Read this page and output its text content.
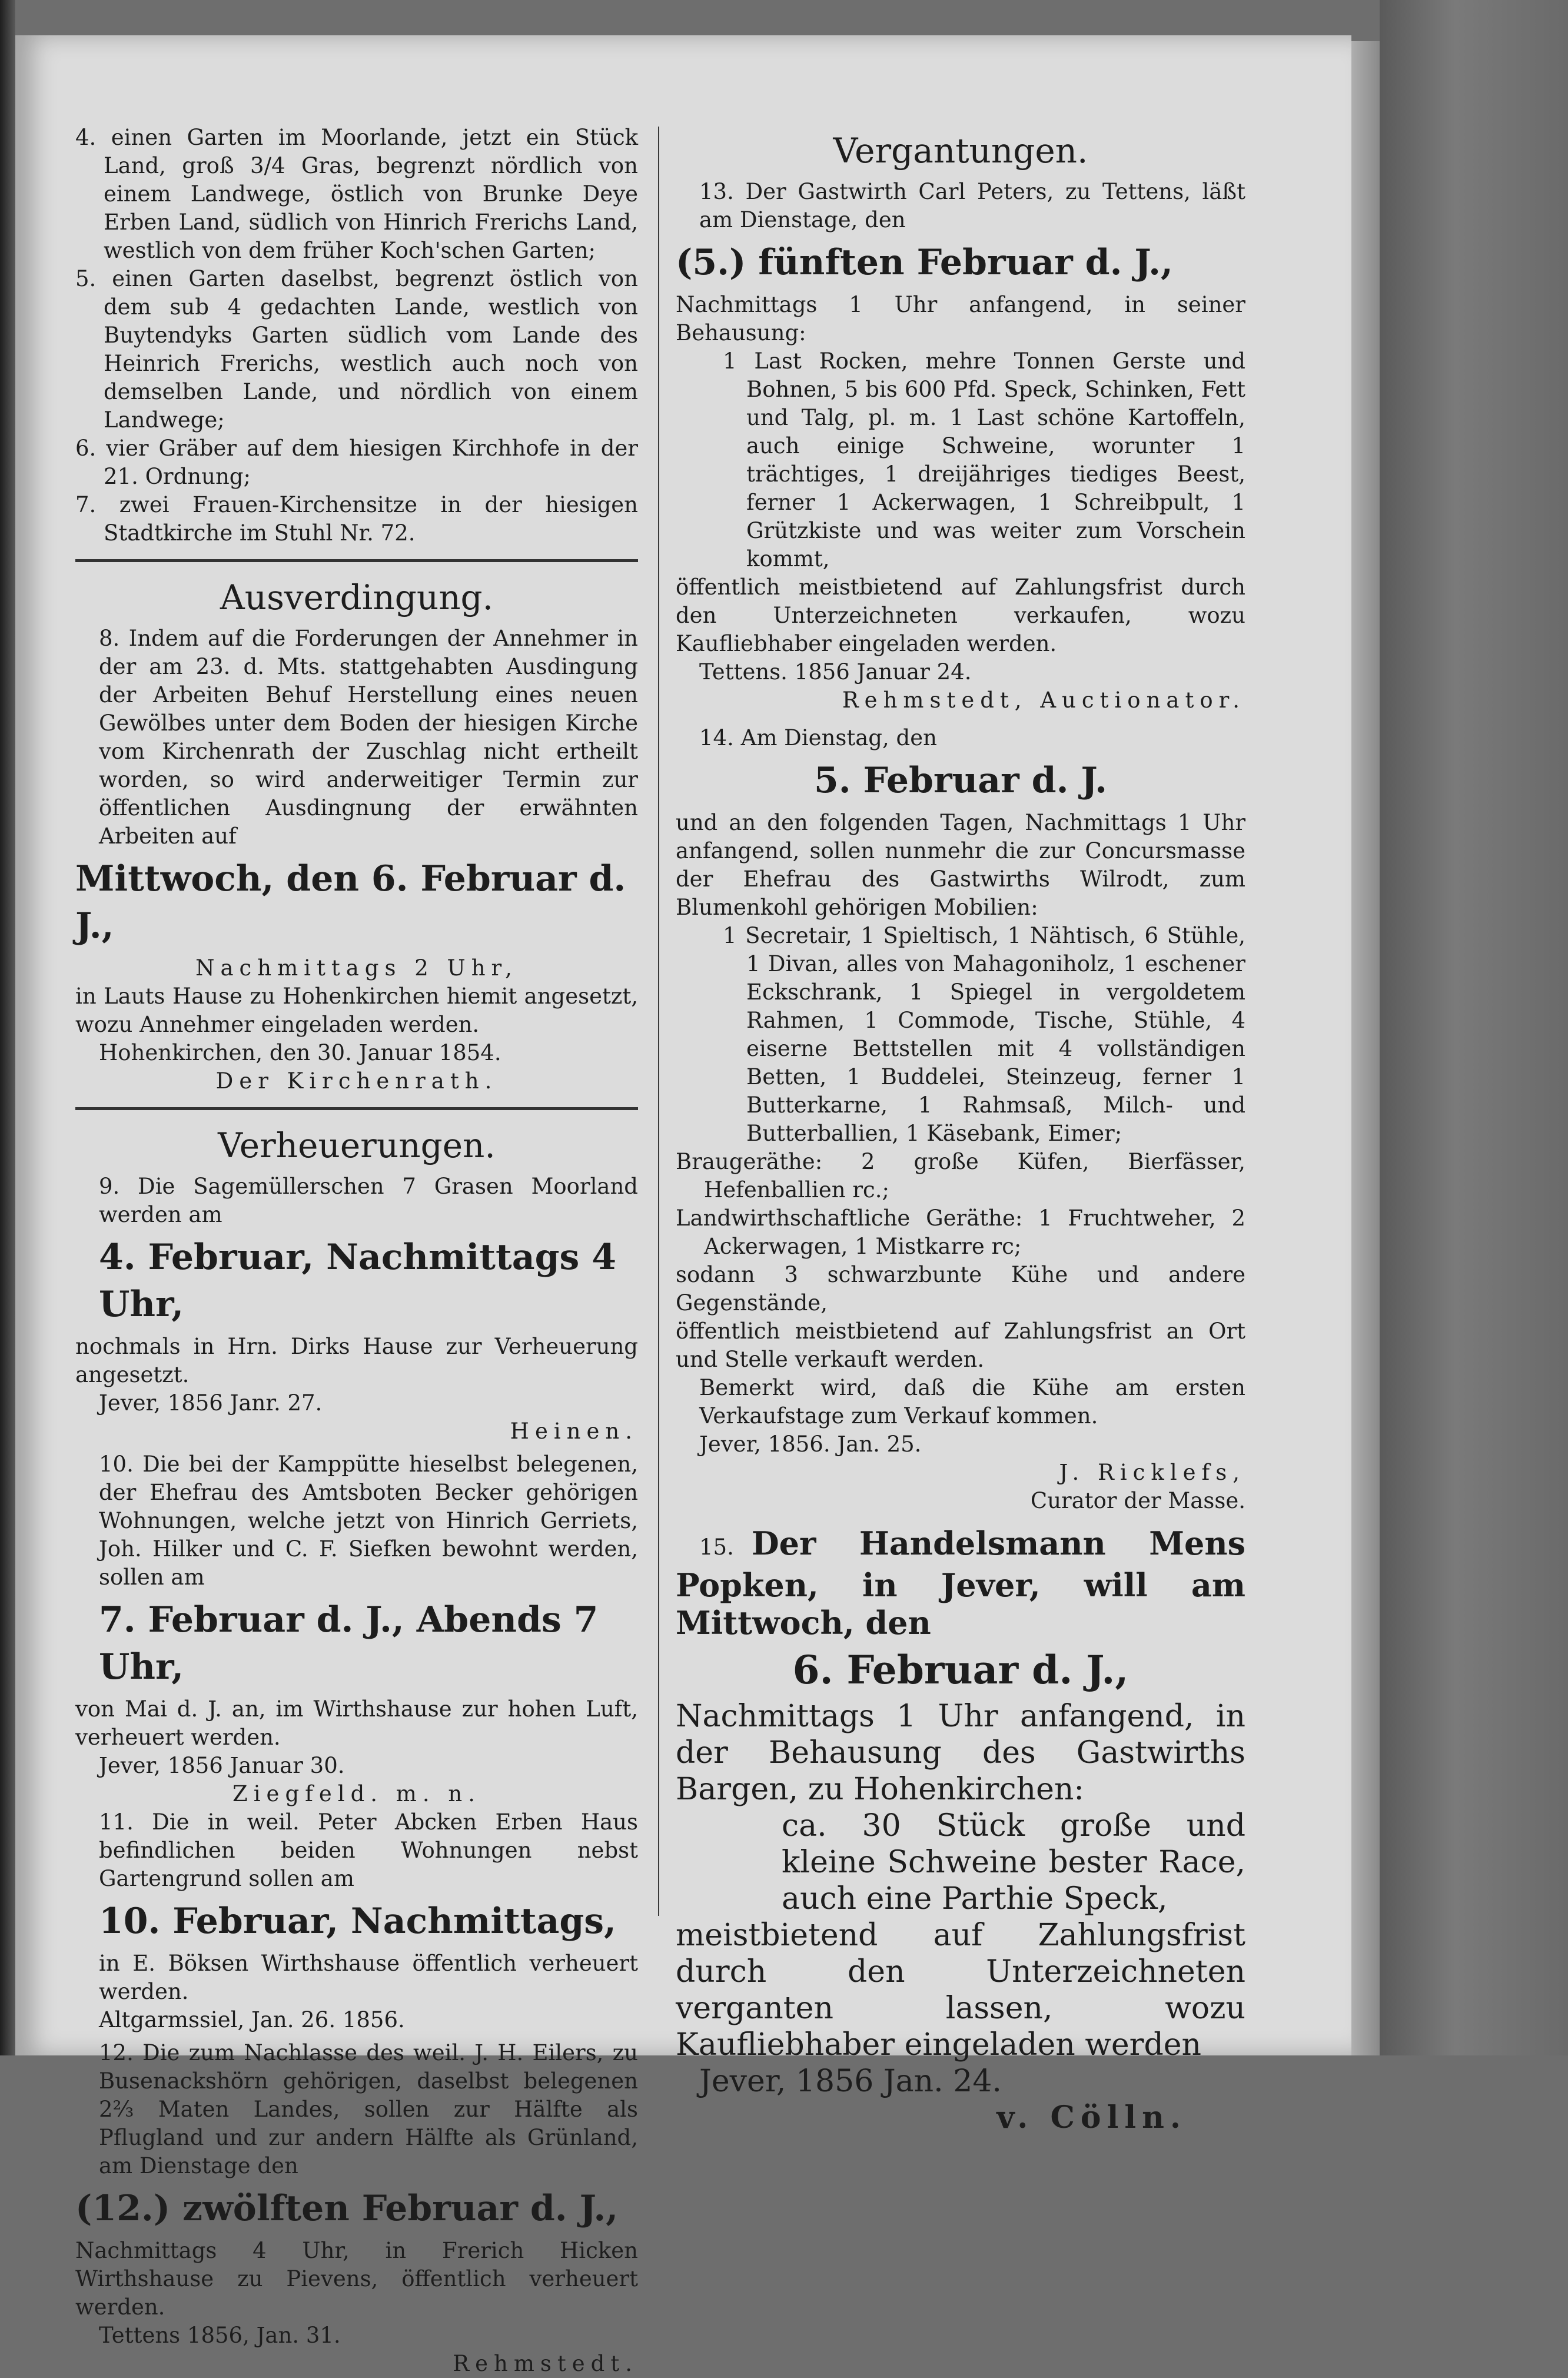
4. einen Garten im Moorlande, jetzt ein Stück Land, groß 3/4 Gras, begrenzt nördlich von einem Landwege, östlich von Brunke Deye Erben Land, südlich von Hinrich Frerichs Land, westlich von dem früher Koch'schen Garten;

5. einen Garten daselbst, begrenzt östlich von dem sub 4 gedachten Lande, westlich von Buytendyks Garten südlich vom Lande des Heinrich Frerichs, westlich auch noch von demselben Lande, und nördlich von einem Landwege;

6. vier Gräber auf dem hiesigen Kirchhofe in der 21. Ordnung;

7. zwei Frauen-Kirchensitze in der hiesigen Stadtkirche im Stuhl Nr. 72.

Ausverdingung.

8. Indem auf die Forderungen der Annehmer in der am 23. d. Mts. stattgehabten Ausdingung der Arbeiten Behuf Herstellung eines neuen Gewölbes unter dem Boden der hiesigen Kirche vom Kirchenrath der Zuschlag nicht ertheilt worden, so wird anderweitiger Termin zur öffentlichen Ausdingnung der erwähnten Arbeiten auf

Mittwoch, den 6. Februar d. J.,

Nachmittags 2 Uhr,

in Lauts Hause zu Hohenkirchen hiemit angesetzt, wozu Annehmer eingeladen werden.

Hohenkirchen, den 30. Januar 1854.

Der Kirchenrath.

Verheuerungen.

9. Die Sagemüllerschen 7 Grasen Moorland werden am

4. Februar, Nachmittags 4 Uhr,

nochmals in Hrn. Dirks Hause zur Verheuerung angesetzt.

Jever, 1856 Janr. 27.

Heinen.

10. Die bei der Kamppütte hieselbst belegenen, der Ehefrau des Amtsboten Becker gehörigen Wohnungen, welche jetzt von Hinrich Gerriets, Joh. Hilker und C. F. Siefken bewohnt werden, sollen am

7. Februar d. J., Abends 7 Uhr,

von Mai d. J. an, im Wirthshause zur hohen Luft, verheuert werden.

Jever, 1856 Januar 30.

Ziegfeld. m. n.

11. Die in weil. Peter Abcken Erben Haus befindlichen beiden Wohnungen nebst Gartengrund sollen am

10. Februar, Nachmittags,

in E. Böksen Wirthshause öffentlich verheuert werden.

Altgarmssiel, Jan. 26. 1856.

12. Die zum Nachlasse des weil. J. H. Eilers, zu Busenackshörn gehörigen, daselbst belegenen 2⅔ Maten Landes, sollen zur Hälfte als Pflugland und zur andern Hälfte als Grünland, am Dienstage den

(12.) zwölften Februar d. J.,

Nachmittags 4 Uhr, in Frerich Hicken Wirthshause zu Pievens, öffentlich verheuert werden.

Tettens 1856, Jan. 31.

Rehmstedt.

Vergantungen.

13. Der Gastwirth Carl Peters, zu Tettens, läßt am Dienstage, den

(5.) fünften Februar d. J.,

Nachmittags 1 Uhr anfangend, in seiner Behausung:

1 Last Rocken, mehre Tonnen Gerste und Bohnen, 5 bis 600 Pfd. Speck, Schinken, Fett und Talg, pl. m. 1 Last schöne Kartoffeln, auch einige Schweine, worunter 1 trächtiges, 1 dreijähriges tiediges Beest, ferner 1 Ackerwagen, 1 Schreibpult, 1 Grützkiste und was weiter zum Vorschein kommt,

öffentlich meistbietend auf Zahlungsfrist durch den Unterzeichneten verkaufen, wozu Kaufliebhaber eingeladen werden.

Tettens. 1856 Januar 24.

Rehmstedt, Auctionator.

14. Am Dienstag, den

5. Februar d. J.

und an den folgenden Tagen, Nachmittags 1 Uhr anfangend, sollen nunmehr die zur Concursmasse der Ehefrau des Gastwirths Wilrodt, zum Blumenkohl gehörigen Mobilien:

1 Secretair, 1 Spieltisch, 1 Nähtisch, 6 Stühle, 1 Divan, alles von Mahagoniholz, 1 eschener Eckschrank, 1 Spiegel in vergoldetem Rahmen, 1 Commode, Tische, Stühle, 4 eiserne Bettstellen mit 4 vollständigen Betten, 1 Buddelei, Steinzeug, ferner 1 Butterkarne, 1 Rahmsaß, Milch- und Butterballien, 1 Käsebank, Eimer;

Braugeräthe: 2 große Küfen, Bierfässer, Hefenballien rc.;

Landwirthschaftliche Geräthe: 1 Fruchtweher, 2 Ackerwagen, 1 Mistkarre rc;

sodann 3 schwarzbunte Kühe und andere Gegenstände,

öffentlich meistbietend auf Zahlungsfrist an Ort und Stelle verkauft werden.

Bemerkt wird, daß die Kühe am ersten Verkaufstage zum Verkauf kommen.

Jever, 1856. Jan. 25.

J. Ricklefs,

Curator der Masse.

15. Der Handelsmann Mens Popken, in Jever, will am Mittwoch, den

6. Februar d. J.,

Nachmittags 1 Uhr anfangend, in der Behausung des Gastwirths Bargen, zu Hohenkirchen:

ca. 30 Stück große und kleine Schweine bester Race, auch eine Parthie Speck,

meistbietend auf Zahlungsfrist durch den Unterzeichneten verganten lassen, wozu Kaufliebhaber eingeladen werden

Jever, 1856 Jan. 24.

v. Cölln.
